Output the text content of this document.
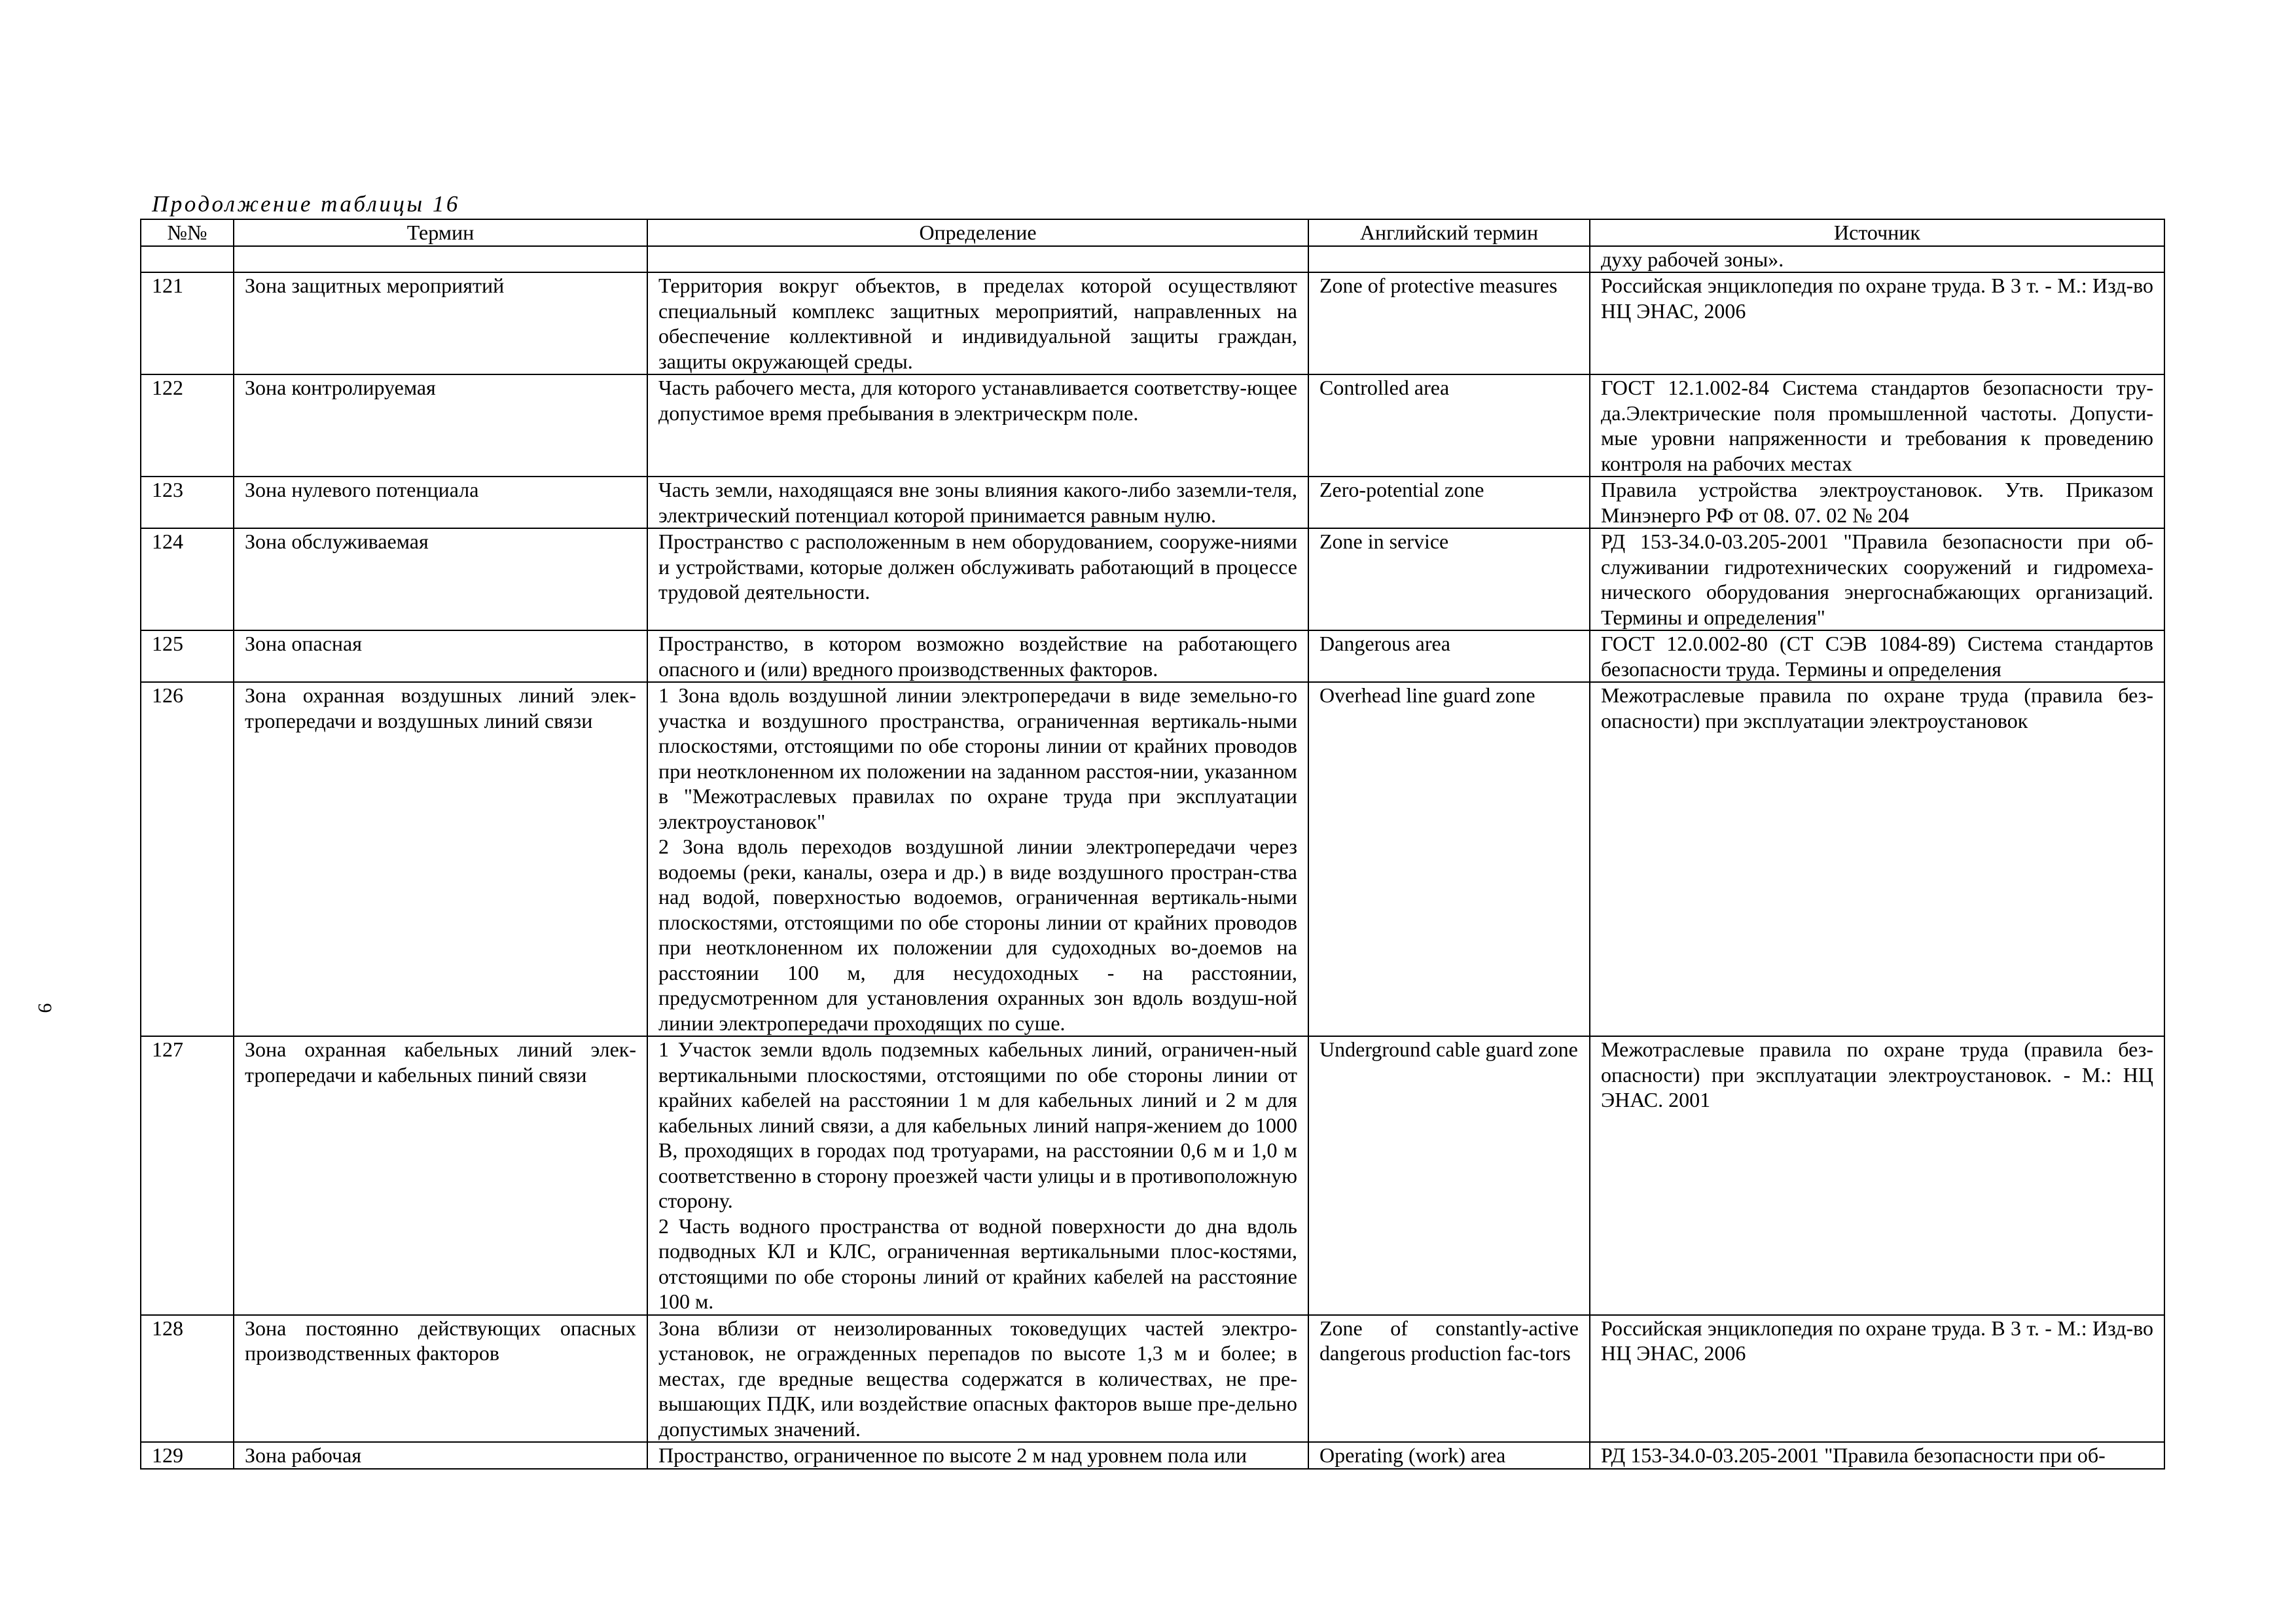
9
Продолжение таблицы 16
№№	Термин	Определение	Английский термин	Источник
				духу рабочей зоны».
121	Зона защитных мероприятий	Территория вокруг объектов, в пределах которой осуществляют специальный комплекс защитных мероприятий, направленных на обеспечение коллективной и индивидуальной защиты граждан, защиты окружающей среды.	Zone of protective measures	Российская энциклопедия по охране труда. В 3 т. - М.: Изд-во НЦ ЭНАС, 2006
122	Зона контролируемая	Часть рабочего места, для которого устанавливается соответству-ющее допустимое время пребывания в электрическрм поле.	Controlled area	ГОСТ 12.1.002-84 Система стандартов безопасности тру-да.Электрические поля промышленной частоты. Допусти-мые уровни напряженности и требования к проведению контроля на рабочих местах
123	Зона нулевого потенциала	Часть земли, находящаяся вне зоны влияния какого-либо заземли-теля, электрический потенциал которой принимается равным нулю.	Zero-potential zone	Правила устройства электроустановок. Утв. Приказом Минэнерго РФ от 08. 07. 02 № 204
124	Зона обслуживаемая	Пространство с расположенным в нем оборудованием, сооруже-ниями и устройствами, которые должен обслуживать работающий в процессе трудовой деятельности.	Zone in service	РД 153-34.0-03.205-2001 "Правила безопасности при об-служивании гидротехнических сооружений и гидромеха-нического оборудования энергоснабжающих организаций. Термины и определения"
125	Зона опасная	Пространство, в котором возможно воздействие на работающего опасного и (или) вредного производственных факторов.	Dangerous area	ГОСТ 12.0.002-80 (СТ СЭВ 1084-89) Система стандартов безопасности труда. Термины и определения
126	Зона охранная воздушных линий элек-тропередачи и воздушных линий связи	1 Зона вдоль воздушной линии электропередачи в виде земельно-го участка и воздушного пространства, ограниченная вертикаль-ными плоскостями, отстоящими по обе стороны линии от крайних проводов при неотклоненном их положении на заданном расстоя-нии, указанном в "Межотраслевых правилах по охране труда при эксплуатации электроустановок"
2 Зона вдоль переходов воздушной линии электропередачи через водоемы (реки, каналы, озера и др.) в виде воздушного простран-ства над водой, поверхностью водоемов, ограниченная вертикаль-ными плоскостями, отстоящими по обе стороны линии от крайних проводов при неотклоненном их положении для судоходных во-доемов на расстоянии 100 м, для несудоходных - на расстоянии, предусмотренном для установления охранных зон вдоль воздуш-ной линии электропередачи проходящих по суше.	Overhead line guard zone	Межотраслевые правила по охране труда (правила без-опасности) при эксплуатации электроустановок
127	Зона охранная кабельных линий элек-тропередачи и кабельных пиний связи	1 Участок земли вдоль подземных кабельных линий, ограничен-ный вертикальными плоскостями, отстоящими по обе стороны линии от крайних кабелей на расстоянии 1 м для кабельных линий и 2 м для кабельных линий связи, а для кабельных линий напря-жением до 1000 В, проходящих в городах под тротуарами, на расстоянии 0,6 м и 1,0 м соответственно в сторону проезжей части улицы и в противоположную сторону.
2 Часть водного пространства от водной поверхности до дна вдоль подводных КЛ и КЛС, ограниченная вертикальными плос-костями, отстоящими по обе стороны линий от крайних кабелей на расстояние 100 м.	Underground cable guard zone	Межотраслевые правила по охране труда (правила без-опасности) при эксплуатации электроустановок. - М.: НЦ ЭНАС. 2001
128	Зона постоянно действующих опасных производственных факторов	Зона вблизи от неизолированных токоведущих частей электро-установок, не огражденных перепадов по высоте 1,3 м и более; в местах, где вредные вещества содержатся в количествах, не пре-вышающих ПДК, или воздействие опасных факторов выше пре-дельно допустимых значений.	Zone of constantly-active dangerous production fac-tors	Российская энциклопедия по охране труда. В 3 т. - М.: Изд-во НЦ ЭНАС, 2006
129	Зона рабочая	Пространство, ограниченное по высоте 2 м над уровнем пола или	Operating (work) area	РД 153-34.0-03.205-2001 "Правила безопасности при об-
